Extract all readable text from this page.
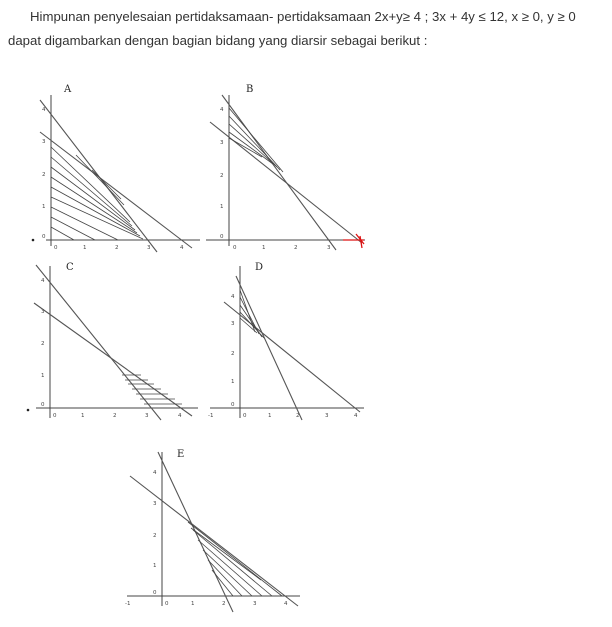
Himpunan penyelesaian pertidaksamaan- pertidaksamaan 2x+y≥ 4 ; 3x + 4y ≤ 12, x ≥ 0, y ≥ 0 dapat digambarkan dengan bagian bidang yang diarsir sebagai berikut :
A
0	1	2	3	4
0
1
2
3
4
B
0	1	2	3
0
1
2
3
4
C
0	1	2	3	4
0
1
2
3
4
D
-1	0	1	2	3	4
0
1
2
3
4
E
-1	0	1	2	3	4
0
1
2
3
4
